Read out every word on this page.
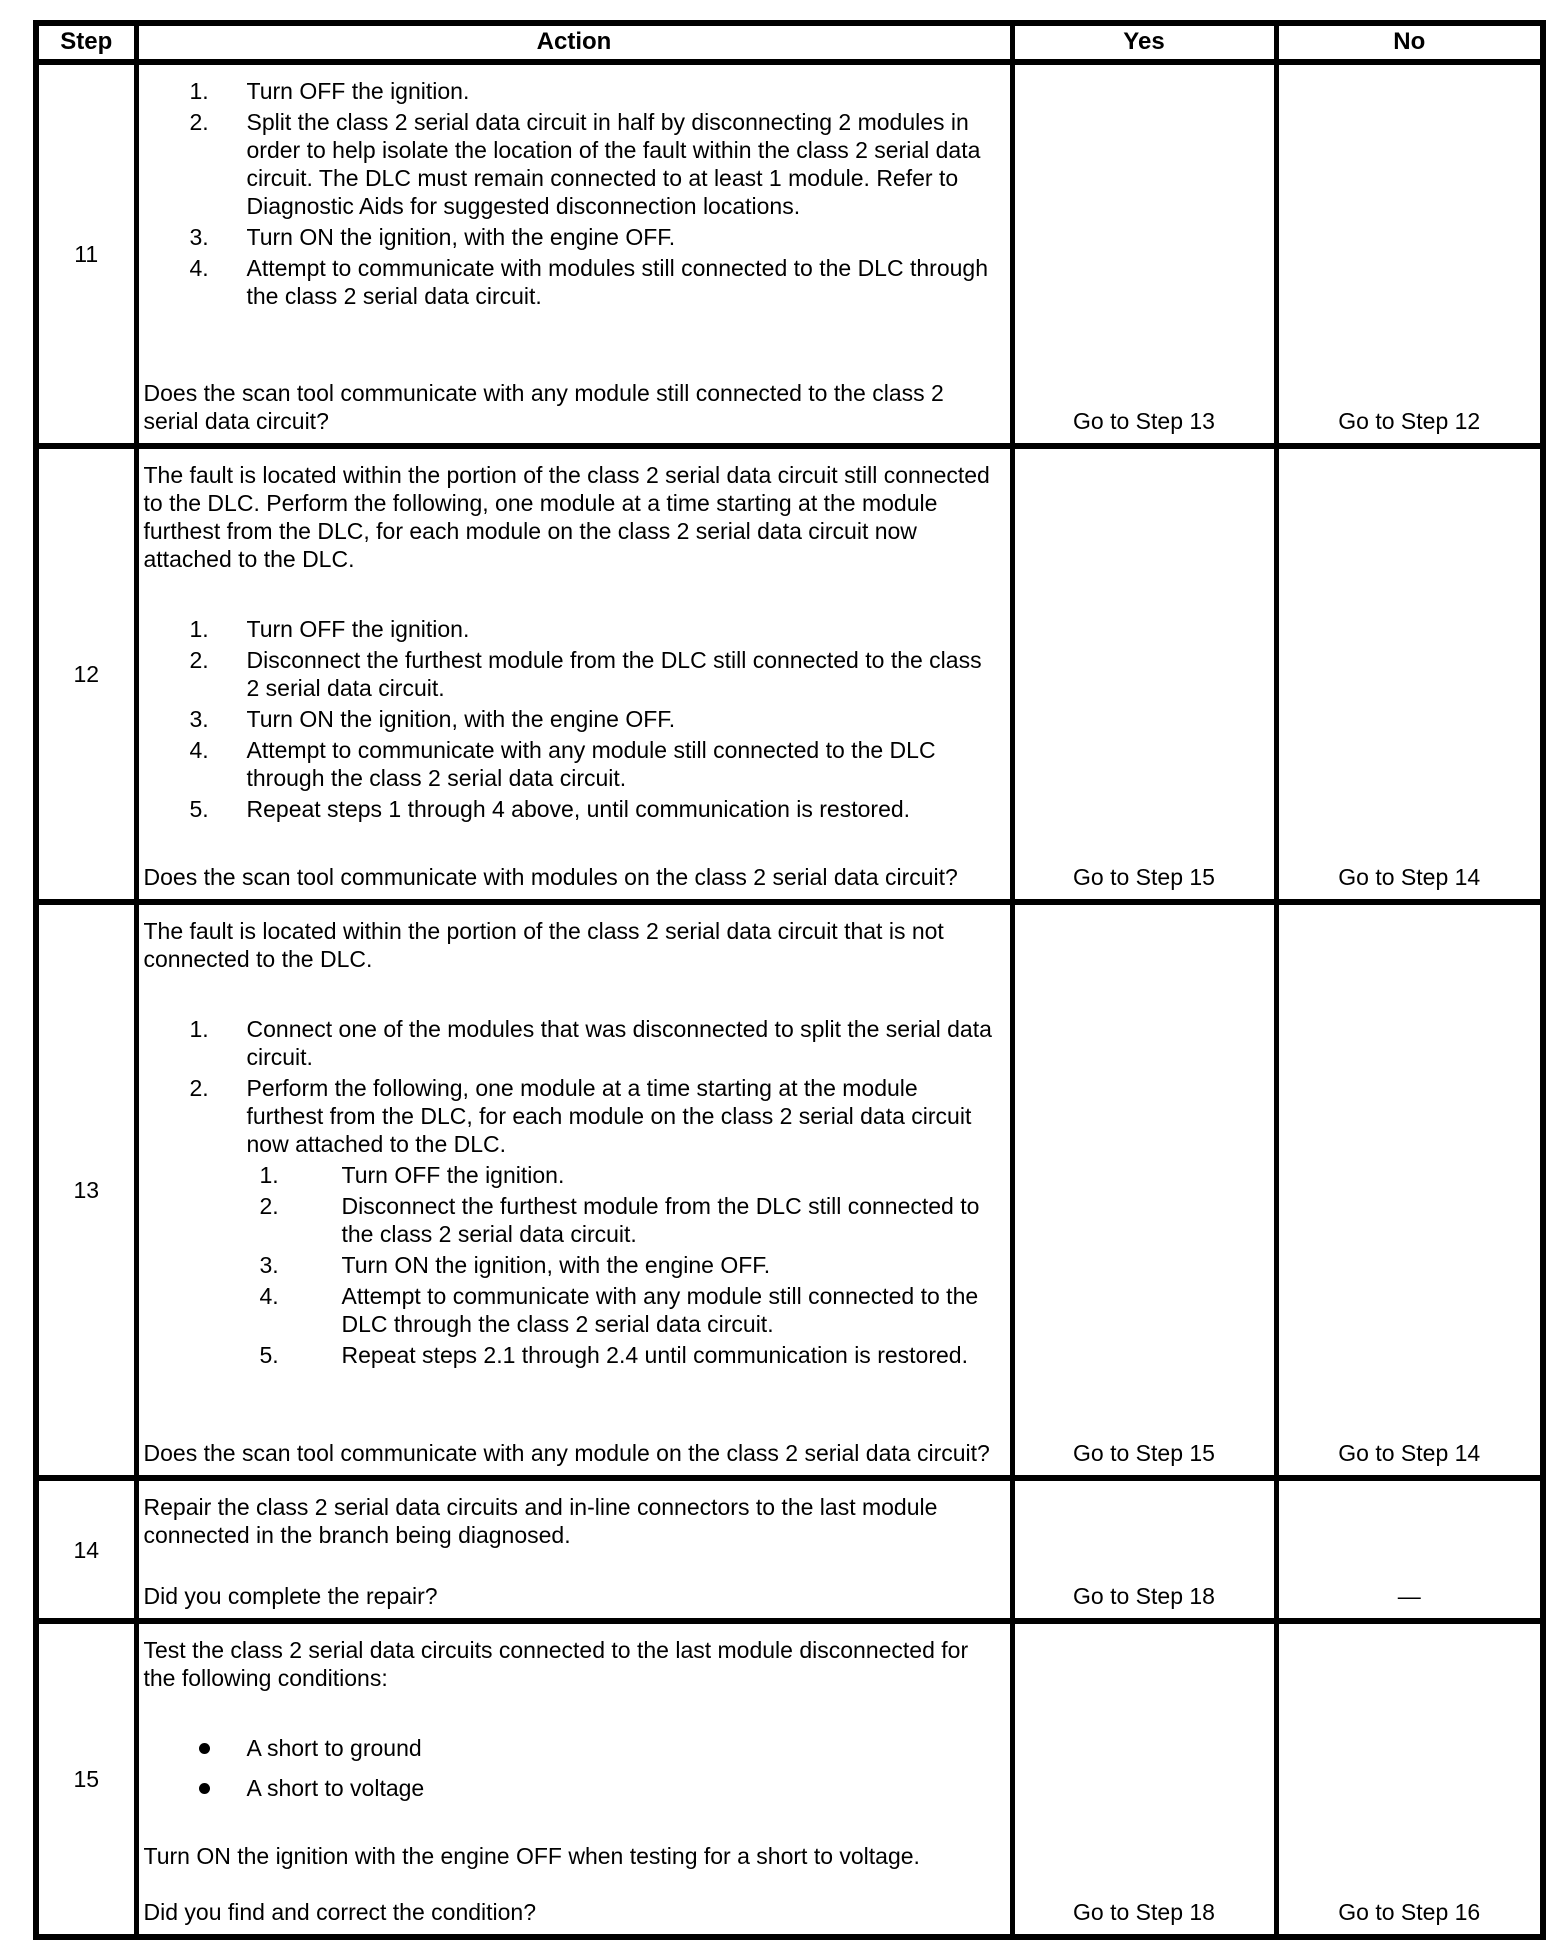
Step	Action	Yes	No
11	
1.	Turn OFF the ignition.
2.	Split the class 2 serial data circuit in half by disconnecting 2 modules in order to help isolate the location of the fault within the class 2 serial data circuit. The DLC must remain connected to at least 1 module. Refer to Diagnostic Aids for suggested disconnection locations.
3.	Turn ON the ignition, with the engine OFF.
4.	Attempt to communicate with modules still connected to the DLC through the class 2 serial data circuit.
Does the scan tool communicate with any module still connected to the class 2 serial data circuit?	Go to Step 13	Go to Step 12

12	
The fault is located within the portion of the class 2 serial data circuit still connected to the DLC. Perform the following, one module at a time starting at the module furthest from the DLC, for each module on the class 2 serial data circuit now attached to the DLC.
1.	Turn OFF the ignition.
2.	Disconnect the furthest module from the DLC still connected to the class 2 serial data circuit.
3.	Turn ON the ignition, with the engine OFF.
4.	Attempt to communicate with any module still connected to the DLC through the class 2 serial data circuit.
5.	Repeat steps 1 through 4 above, until communication is restored.
Does the scan tool communicate with modules on the class 2 serial data circuit?	Go to Step 15	Go to Step 14

13	
The fault is located within the portion of the class 2 serial data circuit that is not connected to the DLC.
1.	Connect one of the modules that was disconnected to split the serial data circuit.
2.	Perform the following, one module at a time starting at the module furthest from the DLC, for each module on the class 2 serial data circuit now attached to the DLC.
1.	Turn OFF the ignition.
2.	Disconnect the furthest module from the DLC still connected to the class 2 serial data circuit.
3.	Turn ON the ignition, with the engine OFF.
4.	Attempt to communicate with any module still connected to the DLC through the class 2 serial data circuit.
5.	Repeat steps 2.1 through 2.4 until communication is restored.
Does the scan tool communicate with any module on the class 2 serial data circuit?	Go to Step 15	Go to Step 14

14	Repair the class 2 serial data circuits and in-line connectors to the last module connected in the branch being diagnosed.
Did you complete the repair?	Go to Step 18	—

15	Test the class 2 serial data circuits connected to the last module disconnected for the following conditions:
A short to ground
A short to voltage
Turn ON the ignition with the engine OFF when testing for a short to voltage.
Did you find and correct the condition?	Go to Step 18	Go to Step 16
